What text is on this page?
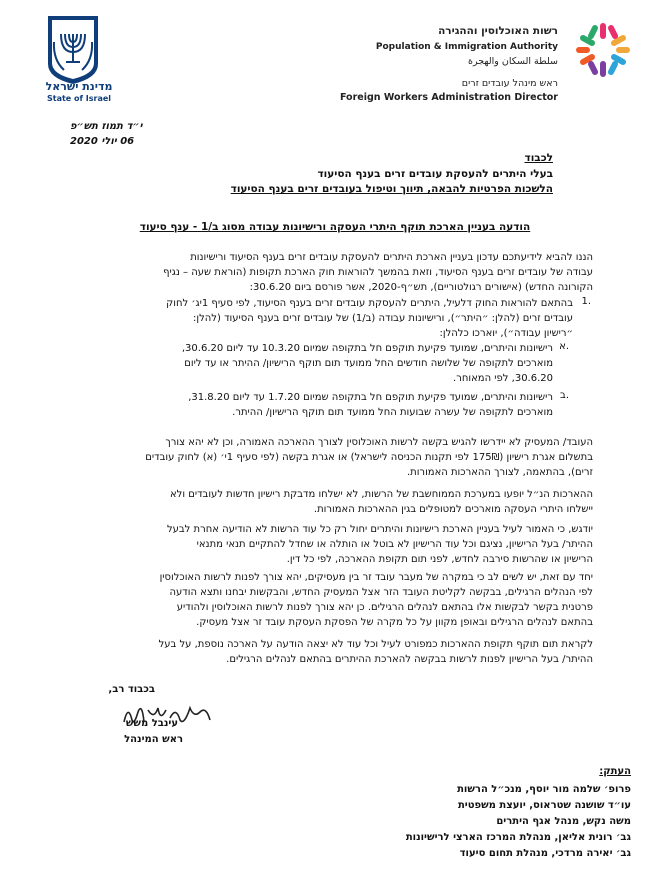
מדינת ישראל
State of Israel
רשות האוכלוסין וההגירה
Population & Immigration Authority
سلطة السكان والهجرة
ראש מינהל עובדים זרים
Foreign Workers Administration Director
י״ד תמוז תש״פ
06 יולי 2020
לכבוד
בעלי היתרים להעסקת עובדים זרים בענף הסיעוד
הלשכות הפרטיות להבאה, תיווך וטיפול בעובדים זרים בענף הסיעוד
הודעה בעניין הארכת תוקף היתרי העסקה ורישיונות עבודה מסוג ב/1 - ענף סיעוד
הננו להביא לידיעתכם עדכון בעניין הארכת היתרים להעסקת עובדים זרים בענף הסיעוד ורישיונות
עבודה של עובדים זרים בענף הסיעוד, וזאת בהמשך להוראות חוק הארכת תקופות (הוראת שעה – נגיף
הקורונה החדש) (אישורים רגולטוריים), תש״ף-2020, אשר פורסם ביום 30.6.20:
1.
בהתאם להוראות החוק דלעיל, היתרים להעסקת עובדים זרים בענף הסיעוד, לפי סעיף 1יג׳ לחוק
עובדים זרים (להלן: ״היתר״), ורישיונות עבודה (ב/1) של עובדים זרים בענף הסיעוד (להלן:
״רישיון עבודה״), יוארכו כלהלן:
א.
רישיונות והיתרים, שמועד פקיעת תוקפם חל בתקופה שמיום 10.3.20 עד ליום 30.6.20,
מוארכים לתקופה של שלושה חודשים החל ממועד תום תוקף הרישיון/ ההיתר או עד ליום
30.6.20, לפי המאוחר.
ב.
רישיונות והיתרים, שמועד פקיעת תוקפם חל בתקופה שמיום 1.7.20 עד ליום 31.8.20,
מוארכים לתקופה של עשרה שבועות החל ממועד תום תוקף הרישיון/ ההיתר.
העובד/ המעסיק לא יידרשו להגיש בקשה לרשות האוכלוסין לצורך ההארכה האמורה, וכן לא יהא צורך
בתשלום אגרת רישיון (175₪ לפי תקנות הכניסה לישראל) או אגרת בקשה (לפי סעיף 1י׳ (א) לחוק עובדים
זרים), בהתאמה, לצורך ההארכות האמורות.
ההארכות הנ״ל יופעו במערכת הממוחשבת של הרשות, לא ישלחו מדבקת רישיון חדשות לעובדים ולא
יישלחו היתרי העסקה מוארכים למטופלים בגין ההארכות האמורות.
יודגש, כי האמור לעיל בעניין הארכת רישיונות והיתרים יחול רק כל עוד הרשות לא הודיעה אחרת לבעל
ההיתר/ בעל הרישיון, נציגם וכל עוד הרישיון לא בוטל או הותלה או שחדל להתקיים תנאי מתנאי
הרישיון או שהרשות סירבה לחדש, לפני תום תקופת ההארכה, לפי כל דין.
יחד עם זאת, יש לשים לב כי במקרה של מעבר עובד זר בין מעסיקים, יהא צורך לפנות לרשות האוכלוסין
לפי הנהלים הרגילים, בבקשה לקליטת העובד הזר אצל המעסיק החדש, והבקשות יבחנו ותצא הודעה
פרטנית בקשר לבקשות אלו בהתאם לנהלים הרגילים. כן יהא צורך לפנות לרשות האוכלוסין ולהודיע
בהתאם לנהלים הרגילים ובאופן מקוון על כל מקרה של הפסקת העסקת עובד זר אצל מעסיק.
לקראת תום תוקף תקופת ההארכות כמפורט לעיל וכל עוד לא יצאה הודעה על הארכה נוספת, על בעל
ההיתר/ בעל הרישיון לפנות לרשות בבקשה להארכת ההיתרים בהתאם לנהלים הרגילים.
בכבוד רב,
עינבל משש
ראש המינהל
העתק:
פרופ׳ שלמה מור יוסף, מנכ״ל הרשות
עו״ד שושנה שטראוס, יועצת משפטית
משה נקש, מנהל אגף היתרים
גב׳ רונית אליאן, מנהלת המרכז הארצי לרישיונות
גב׳ יאירה מרדכי, מנהלת תחום סיעוד
